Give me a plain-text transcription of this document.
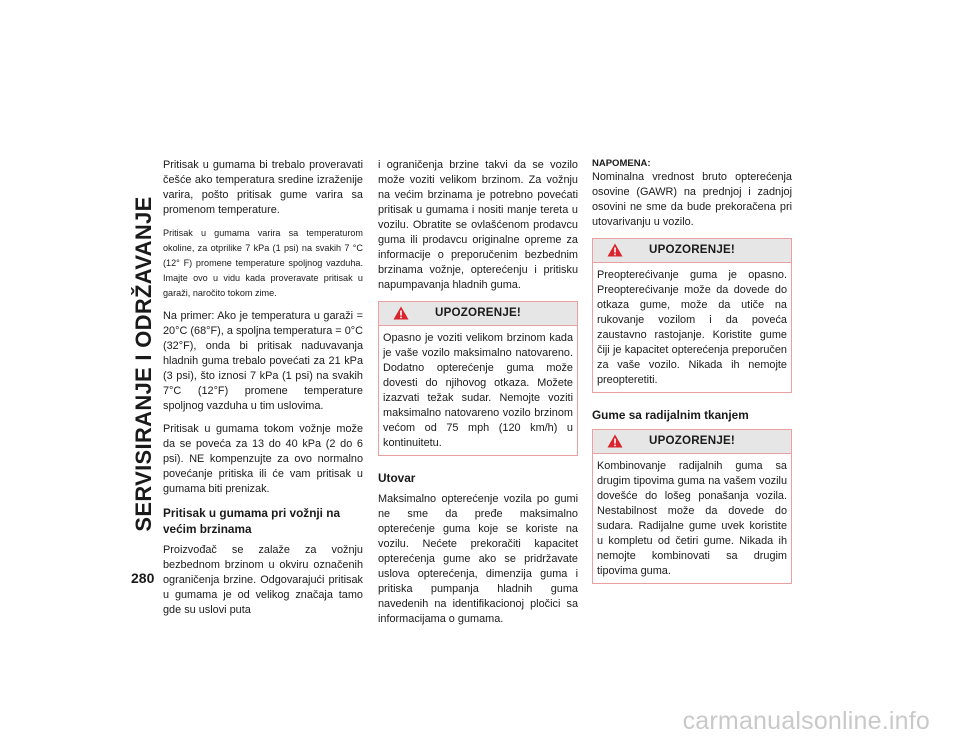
SERVISIRANJE I ODRŽAVANJE
280

Pritisak u gumama bi trebalo proveravati češće ako temperatura sredine izraženije varira, pošto pritisak gume varira sa promenom temperature.

Pritisak u gumama varira sa temperaturom okoline, za otprilike 7 kPa (1 psi) na svakih 7 °C (12° F) promene temperature spoljnog vazduha. Imajte ovo u vidu kada proveravate pritisak u garaži, naročito tokom zime.

Na primer: Ako je temperatura u garaži = 20°C (68°F), a spoljna temperatura = 0°C (32°F), onda bi pritisak naduvavanja hladnih guma trebalo povećati za 21 kPa (3 psi), što iznosi 7 kPa (1 psi) na svakih 7°C (12°F) promene temperature spoljnog vazduha u tim uslovima.

Pritisak u gumama tokom vožnje može da se poveća za 13 do 40 kPa (2 do 6 psi). NE kompenzujte za ovo normalno povećanje pritiska ili će vam pritisak u gumama biti prenizak.

Pritisak u gumama pri vožnji na većim brzinama

Proizvođač se zalaže za vožnju bezbednom brzinom u okviru označenih ograničenja brzine. Odgovarajući pritisak u gumama je od velikog značaja tamo gde su uslovi puta

i ograničenja brzine takvi da se vozilo može voziti velikom brzinom. Za vožnju na većim brzinama je potrebno povećati pritisak u gumama i nositi manje tereta u vozilu. Obratite se ovlašćenom prodavcu guma ili prodavcu originalne opreme za informacije o preporučenim bezbednim brzinama vožnje, opterećenju i pritisku napumpavanja hladnih guma.

UPOZORENJE!

Opasno je voziti velikom brzinom kada je vaše vozilo maksimalno natovareno. Dodatno opterećenje guma može dovesti do njihovog otkaza. Možete izazvati težak sudar. Nemojte voziti maksimalno natovareno vozilo brzinom većom od 75 mph (120 km/h) u kontinuitetu.

Utovar

Maksimalno opterećenje vozila po gumi ne sme da pređe maksimalno opterećenje guma koje se koriste na vozilu. Nećete prekoračiti kapacitet opterećenja gume ako se pridržavate uslova opterećenja, dimenzija guma i pritiska pumpanja hladnih guma navedenih na identifikacionoj pločici sa informacijama o gumama.

NAPOMENA:

Nominalna vrednost bruto opterećenja osovine (GAWR) na prednjoj i zadnjoj osovini ne sme da bude prekoračena pri utovarivanju u vozilo.

UPOZORENJE!

Preopterećivanje guma je opasno. Preopterećivanje može da dovede do otkaza gume, može da utiče na rukovanje vozilom i da poveća zaustavno rastojanje. Koristite gume čiji je kapacitet opterećenja preporučen za vaše vozilo. Nikada ih nemojte preopteretiti.

Gume sa radijalnim tkanjem
UPOZORENJE!

Kombinovanje radijalnih guma sa drugim tipovima guma na vašem vozilu dovešće do lošeg ponašanja vozila. Nestabilnost može da dovede do sudara. Radijalne gume uvek koristite u kompletu od četiri gume. Nikada ih nemojte kombinovati sa drugim tipovima guma.

carmanualsonline.info
